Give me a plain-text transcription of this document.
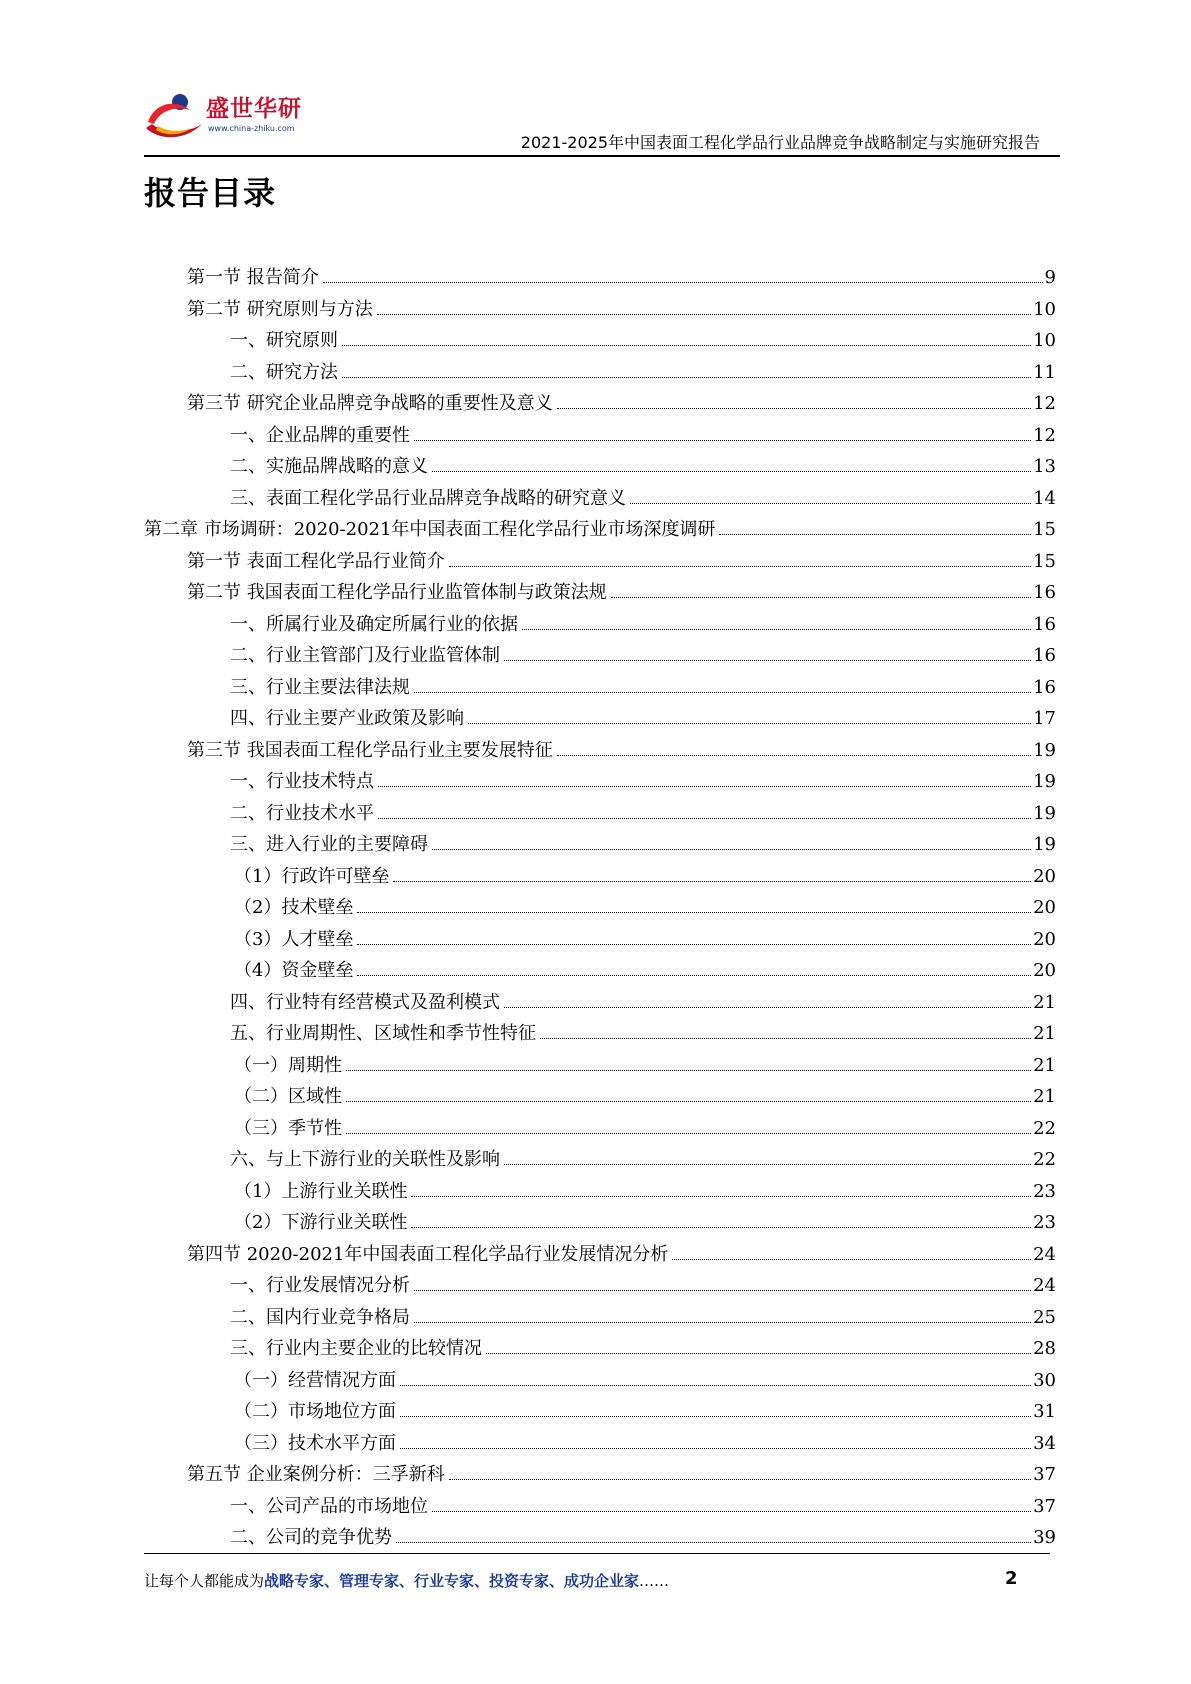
盛世华研
www.china-zhiku.com
2021-2025年中国表面工程化学品行业品牌竞争战略制定与实施研究报告
报告目录
第一节 报告简介	9
第二节 研究原则与方法	10
一、研究原则	10
二、研究方法	11
第三节 研究企业品牌竞争战略的重要性及意义	12
一、企业品牌的重要性	12
二、实施品牌战略的意义	13
三、表面工程化学品行业品牌竞争战略的研究意义	14
第二章 市场调研：2020-2021年中国表面工程化学品行业市场深度调研	15
第一节 表面工程化学品行业简介	15
第二节 我国表面工程化学品行业监管体制与政策法规	16
一、所属行业及确定所属行业的依据	16
二、行业主管部门及行业监管体制	16
三、行业主要法律法规	16
四、行业主要产业政策及影响	17
第三节 我国表面工程化学品行业主要发展特征	19
一、行业技术特点	19
二、行业技术水平	19
三、进入行业的主要障碍	19
（1）行政许可壁垒	20
（2）技术壁垒	20
（3）人才壁垒	20
（4）资金壁垒	20
四、行业特有经营模式及盈利模式	21
五、行业周期性、区域性和季节性特征	21
（一）周期性	21
（二）区域性	21
（三）季节性	22
六、与上下游行业的关联性及影响	22
（1）上游行业关联性	23
（2）下游行业关联性	23
第四节 2020-2021年中国表面工程化学品行业发展情况分析	24
一、行业发展情况分析	24
二、国内行业竞争格局	25
三、行业内主要企业的比较情况	28
（一）经营情况方面	30
（二）市场地位方面	31
（三）技术水平方面	34
第五节 企业案例分析：三孚新科	37
一、公司产品的市场地位	37
二、公司的竞争优势	39
让每个人都能成为战略专家、管理专家、行业专家、投资专家、成功企业家……	2
